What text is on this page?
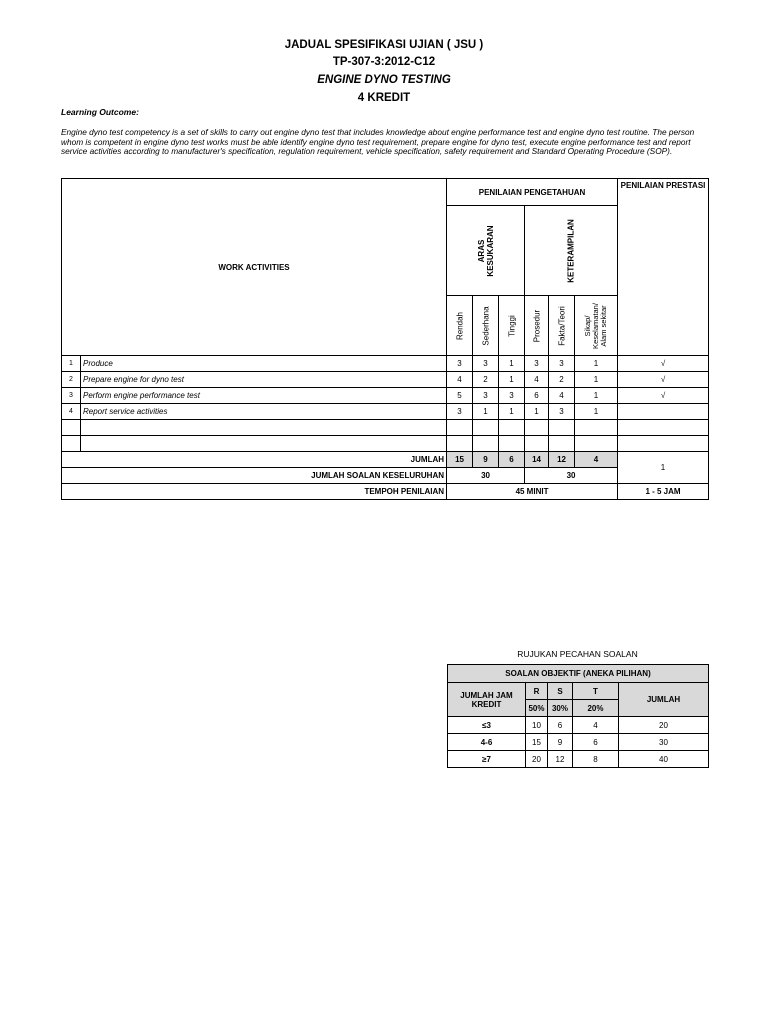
JADUAL SPESIFIKASI UJIAN ( JSU )
TP-307-3:2012-C12
ENGINE DYNO TESTING
4 KREDIT
Learning Outcome:
Engine dyno test competency is a set of skills to carry out engine dyno test that includes knowledge about engine performance test and engine dyno test routine. The person whom is competent in engine dyno test works must be able identify engine dyno test requirement, prepare engine for dyno test, execute engine performance test and report service activities according to manufacturer's specification, regulation requirement, vehicle specification, safety requirement and Standard Operating Procedure (SOP).
WORK ACTIVITIES		PENILAIAN PENGETAHUAN						PENILAIAN PRESTASI

		ARAS KESUKARAN			KETERAMPILAN			

		Rendah	Sederhana	Tinggi	Prosedur	Fakta/Teori	Sikap/ Keselamatan/ Alam sekitar	

1	Produce	3	3	1	3	3	1	√
2	Prepare engine for dyno test	4	2	1	4	2	1	√
3	Perform engine performance test	5	3	3	6	4	1	√
4	Report service activities	3	1	1	1	3	1	

JUMLAH		15	9	6	14	12	4	1
JUMLAH SOALAN KESELURUHAN		30			30			
TEMPOH PENILAIAN		45 MINIT						1 - 5 JAM
RUJUKAN PECAHAN SOALAN
SOALAN OBJEKTIF (ANEKA PILIHAN)				
JUMLAH JAM KREDIT	R	S	T	JUMLAH
	50%	30%	20%	
≤3	10	6	4	20
4-6	15	9	6	30
≥7	20	12	8	40
